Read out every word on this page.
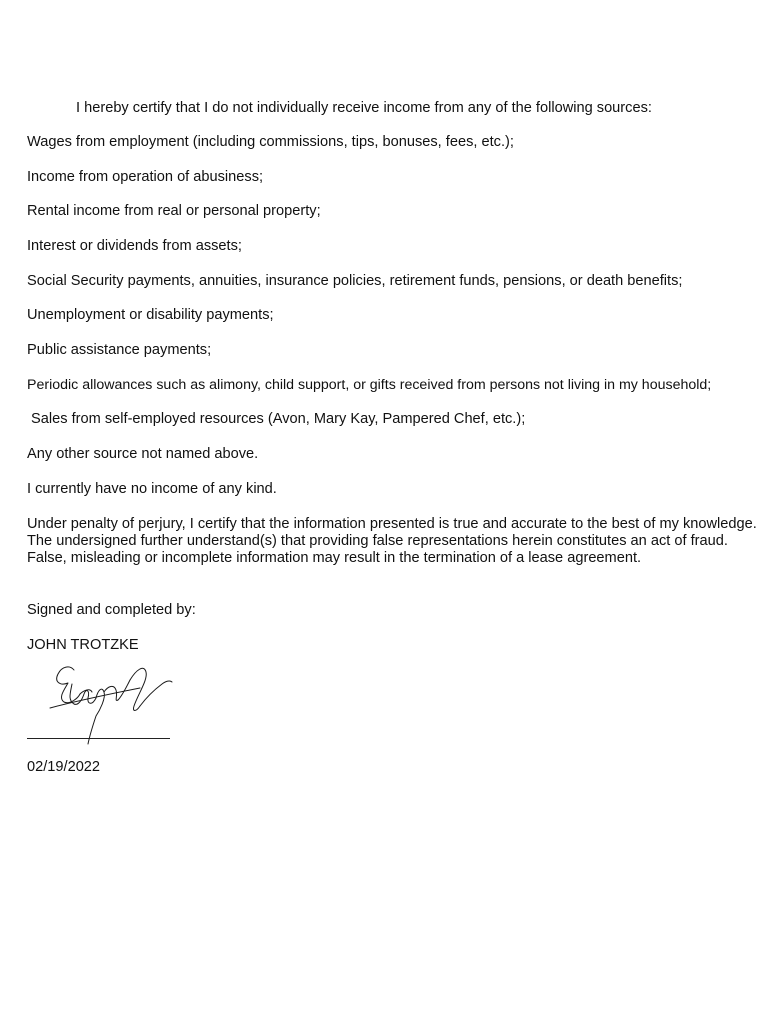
I hereby certify that I do not individually receive income from any of the following sources:
Wages from employment (including commissions, tips, bonuses, fees, etc.);
Income from operation of abusiness;
Rental income from real or personal property;
Interest or dividends from assets;
Social Security payments, annuities, insurance policies, retirement funds, pensions, or death benefits;
Unemployment or disability payments;
Public assistance payments;
Periodic allowances such as alimony, child support, or gifts received from persons not living in my household;
Sales from self-employed resources (Avon, Mary Kay, Pampered Chef, etc.);
Any other source not named above.
I currently have no income of any kind.
Under penalty of perjury, I certify that the information presented is true and accurate to the best of my knowledge. The undersigned further understand(s) that providing false representations herein constitutes an act of fraud. False, misleading or incomplete information may result in the termination of a lease agreement.
Signed and completed by:
JOHN TROTZKE
02/19/2022
